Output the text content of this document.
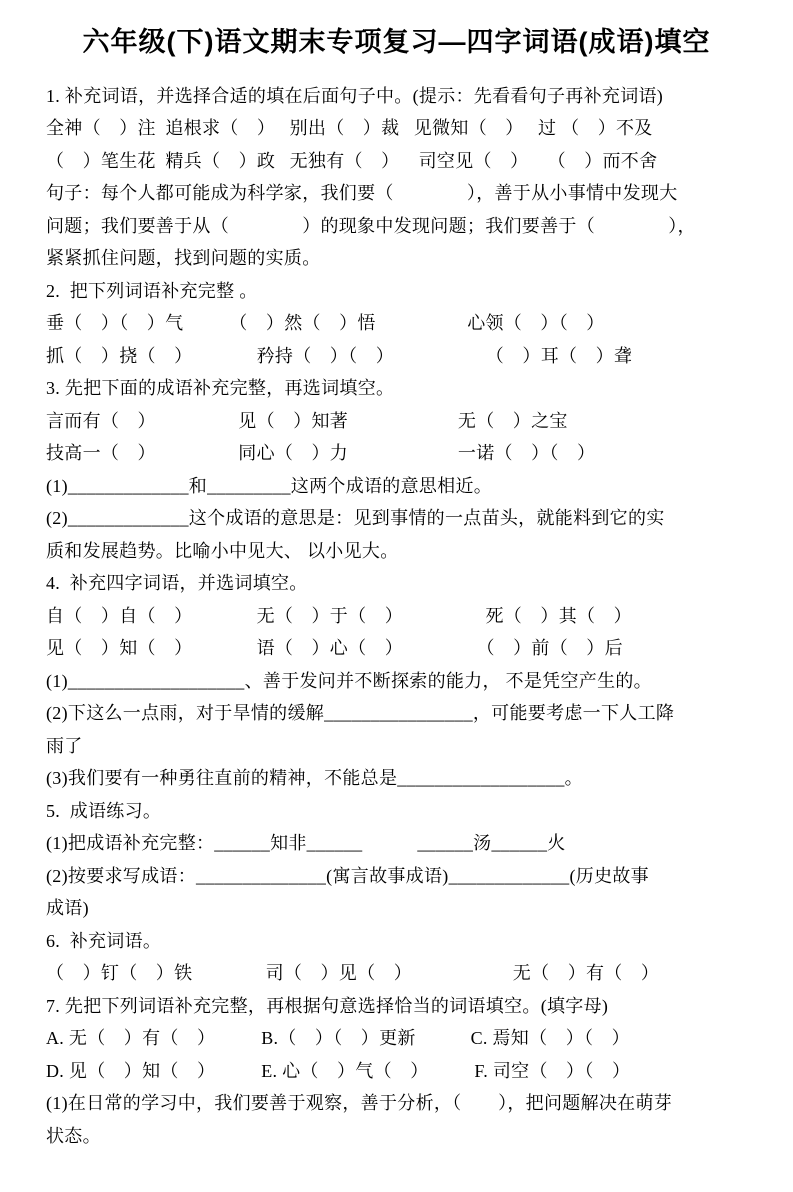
六年级(下)语文期末专项复习—四字词语(成语)填空
1. 补充词语，并选择合适的填在后面句子中。(提示：先看看句子再补充词语)
全神（　）注  追根求（　）   别出（　）裁   见微知（　）   过 （　）不及
（　）笔生花  精兵（　）政   无独有（　）    司空见（　）    （　）而不舍
句子：每个人都可能成为科学家，我们要（　　　　），善于从小事情中发现大
问题；我们要善于从（　　　　）的现象中发现问题；我们要善于（　　　　），
紧紧抓住问题，找到问题的实质。
2.  把下列词语补充完整 。
垂（　）（　）气　　　（　）然（　）悟　　　　　心领（　）（　）
抓（　）挠（　）　　　　矜持（　）（　）　　　　　　（　）耳（　）聋
3. 先把下面的成语补充完整，再选词填空。
言而有（　）　　　　　见（　）知著　　　　　　无（　）之宝
技高一（　）　　　　　同心（　）力　　　　　　一诺（　）（　）
(1)_____________和_________这两个成语的意思相近。
(2)_____________这个成语的意思是：见到事情的一点苗头，就能料到它的实
质和发展趋势。比喻小中见大、 以小见大。
4.  补充四字词语，并选词填空。
自（　）自（　）　　　　无（　）于（　）　　　　　死（　）其（　）
见（　）知（　）　　　　语（　）心（　）　　　　　（　）前（　）后
(1)___________________、善于发问并不断探索的能力， 不是凭空产生的。
(2)下这么一点雨，对于旱情的缓解________________，可能要考虑一下人工降
雨了
(3)我们要有一种勇往直前的精神，不能总是__________________。
5.  成语练习。
(1)把成语补充完整：______知非______　　　______汤______火
(2)按要求写成语：______________(寓言故事成语)_____________(历史故事
成语)
6.  补充词语。
（　）钉（　）铁　　　　司（　）见（　）　　　　　　无（　）有（　）
7. 先把下列词语补充完整，再根据句意选择恰当的词语填空。(填字母)
A. 无（　）有（　）　　　B.（　）（　）更新　　　C. 焉知（　）（　）
D. 见（　）知（　）　　　E. 心（　）气（　）　　　F. 司空（　）（　）
(1)在日常的学习中，我们要善于观察，善于分析，（　　），把问题解决在萌芽
状态。
